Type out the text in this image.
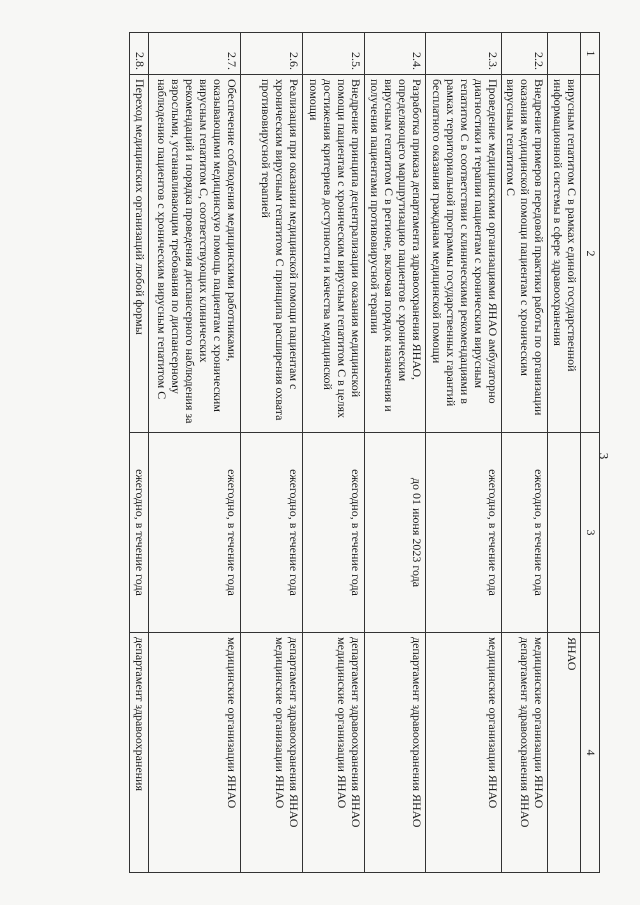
3
1	2	3	4
	вирусным гепатитом С в рамках единой государственной информационной системы в сфере здравоохранения		ЯНАО
2.2.	Внедрение примеров передовой практики работы по организации оказания медицинской помощи пациентам с хроническим вирусным гепатитом С	ежегодно, в течение года	медицинские организации ЯНАО департамент здравоохранения ЯНАО
2.3.	Проведение медицинскими организациями ЯНАО амбулаторно диагностики и терапии пациентам с хроническим вирусным гепатитом С в соответствии с клиническими рекомендациями в рамках территориальной программы государственных гарантий бесплатного оказания гражданам медицинской помощи	ежегодно, в течение года	медицинские организации ЯНАО
2.4.	Разработка приказа департамента здравоохранения ЯНАО, определяющего маршрутизацию пациентов с хроническим вирусным гепатитом С в регионе, включая порядок назначения и получения пациентами противовирусной терапии	до 01 июня 2023 года	департамент здравоохранения ЯНАО
2.5.	Внедрение принципа децентрализации оказания медицинской помощи пациентам с хроническим вирусным гепатитом С в целях достижения критериев доступности и качества медицинской помощи	ежегодно, в течение года	департамент здравоохранения ЯНАО медицинские организации ЯНАО
2.6.	Реализация при оказании медицинской помощи пациентам с хроническим вирусным гепатитом С принципа расширения охвата противовирусной терапией	ежегодно, в течение года	департамент здравоохранения ЯНАО медицинские организации ЯНАО
2.7.	Обеспечение соблюдения медицинскими работниками, оказывающими медицинскую помощь пациентам с хроническим вирусным гепатитом С, соответствующих клинических рекомендаций и порядка проведения диспансерного наблюдения за взрослыми, устанавливающим требования по диспансерному наблюдению пациентов с хроническим вирусным гепатитом С	ежегодно, в течение года	медицинские организации ЯНАО
2.8.	Переход медицинских организаций любой формы	ежегодно, в течение года	департамент здравоохранения
